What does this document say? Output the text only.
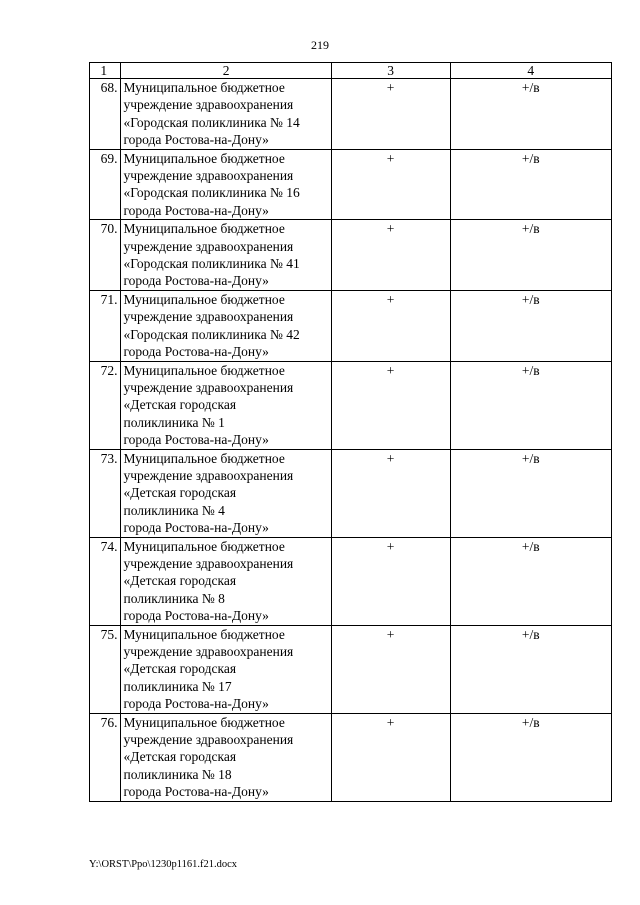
219
1	2	3	4
68.	Муниципальное бюджетное
учреждение здравоохранения
«Городская поликлиника № 14
города Ростова-на-Дону»	+	+/в
69.	Муниципальное бюджетное
учреждение здравоохранения
«Городская поликлиника № 16
города Ростова-на-Дону»	+	+/в
70.	Муниципальное бюджетное
учреждение здравоохранения
«Городская поликлиника № 41
города Ростова-на-Дону»	+	+/в
71.	Муниципальное бюджетное
учреждение здравоохранения
«Городская поликлиника № 42
города Ростова-на-Дону»	+	+/в
72.	Муниципальное бюджетное
учреждение здравоохранения
«Детская городская
поликлиника № 1
города Ростова-на-Дону»	+	+/в
73.	Муниципальное бюджетное
учреждение здравоохранения
«Детская городская
поликлиника № 4
города Ростова-на-Дону»	+	+/в
74.	Муниципальное бюджетное
учреждение здравоохранения
«Детская городская
поликлиника № 8
города Ростова-на-Дону»	+	+/в
75.	Муниципальное бюджетное
учреждение здравоохранения
«Детская городская
поликлиника № 17
города Ростова-на-Дону»	+	+/в
76.	Муниципальное бюджетное
учреждение здравоохранения
«Детская городская
поликлиника № 18
города Ростова-на-Дону»	+	+/в
Y:\ORST\Ppo\1230p1161.f21.docx
